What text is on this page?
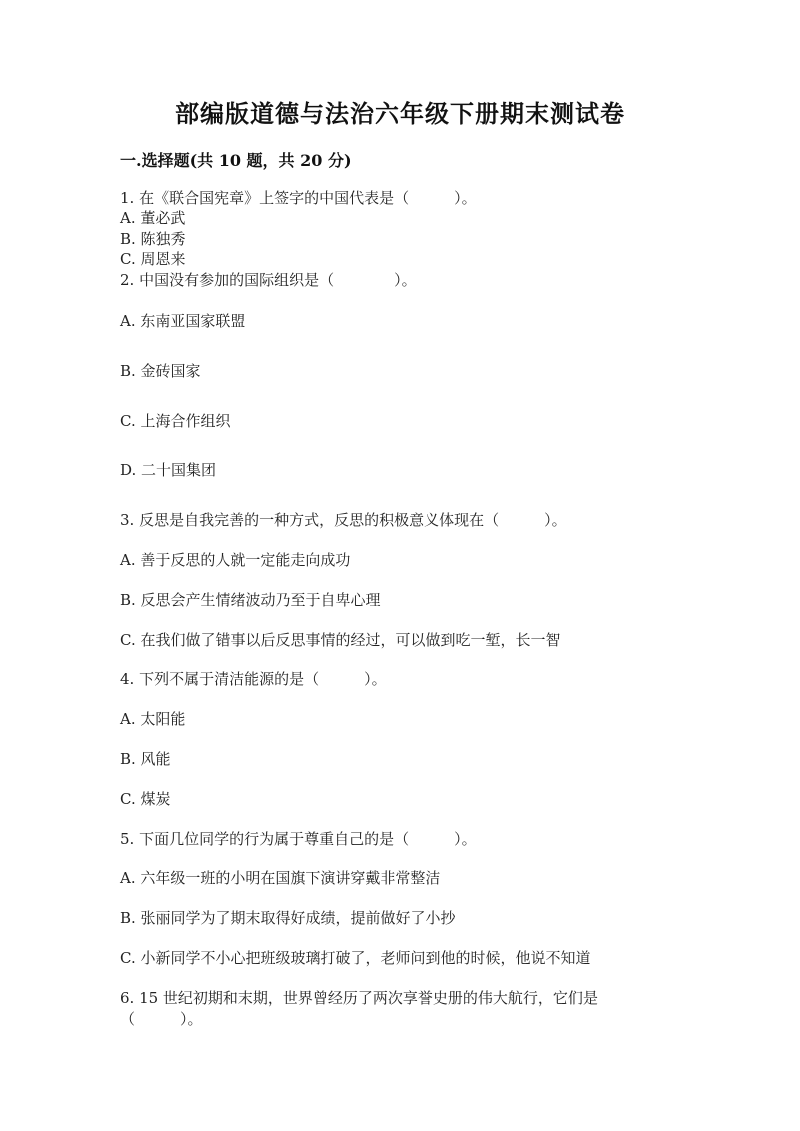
部编版道德与法治六年级下册期末测试卷
一.选择题(共 10 题，共 20 分)
1. 在《联合国宪章》上签字的中国代表是（　　　）。
A. 董必武
B. 陈独秀
C. 周恩来
2. 中国没有参加的国际组织是（　　　　）。
A. 东南亚国家联盟
B. 金砖国家
C. 上海合作组织
D. 二十国集团
3. 反思是自我完善的一种方式，反思的积极意义体现在（　　　）。
A. 善于反思的人就一定能走向成功
B. 反思会产生情绪波动乃至于自卑心理
C. 在我们做了错事以后反思事情的经过，可以做到吃一堑，长一智
4. 下列不属于清洁能源的是（　　　）。
A. 太阳能
B. 风能
C. 煤炭
5. 下面几位同学的行为属于尊重自己的是（　　　）。
A. 六年级一班的小明在国旗下演讲穿戴非常整洁
B. 张丽同学为了期末取得好成绩，提前做好了小抄
C. 小新同学不小心把班级玻璃打破了，老师问到他的时候，他说不知道
6. 15 世纪初期和末期，世界曾经历了两次享誉史册的伟大航行，它们是
（　　　）。
